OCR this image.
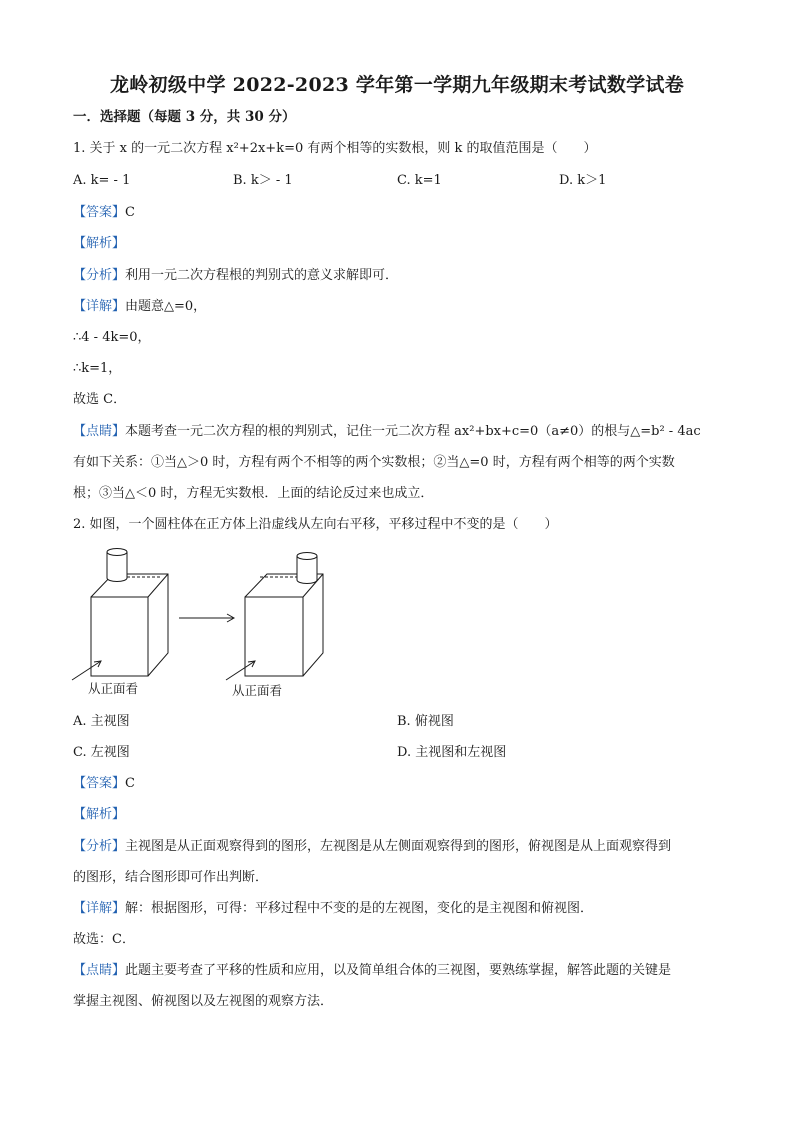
龙岭初级中学 2022-2023 学年第一学期九年级期末考试数学试卷
一．选择题（每题 3 分，共 30 分）
1. 关于 x 的一元二次方程 x²+2x+k=0 有两个相等的实数根，则 k 的取值范围是（　　）
A. k= - 1	B. k＞ - 1	C. k=1	D. k＞1
【答案】C
【解析】
【分析】利用一元二次方程根的判别式的意义求解即可．
【详解】由题意△=0，
∴4 - 4k=0，
∴k=1，
故选 C．
【点睛】本题考查一元二次方程的根的判别式，记住一元二次方程 ax²+bx+c=0（a≠0）的根与△=b² - 4ac
有如下关系：①当△＞0 时，方程有两个不相等的两个实数根；②当△=0 时，方程有两个相等的两个实数
根；③当△＜0 时，方程无实数根．上面的结论反过来也成立．
2. 如图，一个圆柱体在正方体上沿虚线从左向右平移，平移过程中不变的是（　　）
从正面看	从正面看
A. 主视图	B. 俯视图
C. 左视图	D. 主视图和左视图
【答案】C
【解析】
【分析】主视图是从正面观察得到的图形，左视图是从左侧面观察得到的图形，俯视图是从上面观察得到
的图形，结合图形即可作出判断．
【详解】解：根据图形，可得：平移过程中不变的是的左视图，变化的是主视图和俯视图．
故选：C．
【点睛】此题主要考查了平移的性质和应用，以及简单组合体的三视图，要熟练掌握，解答此题的关键是
掌握主视图、俯视图以及左视图的观察方法．
